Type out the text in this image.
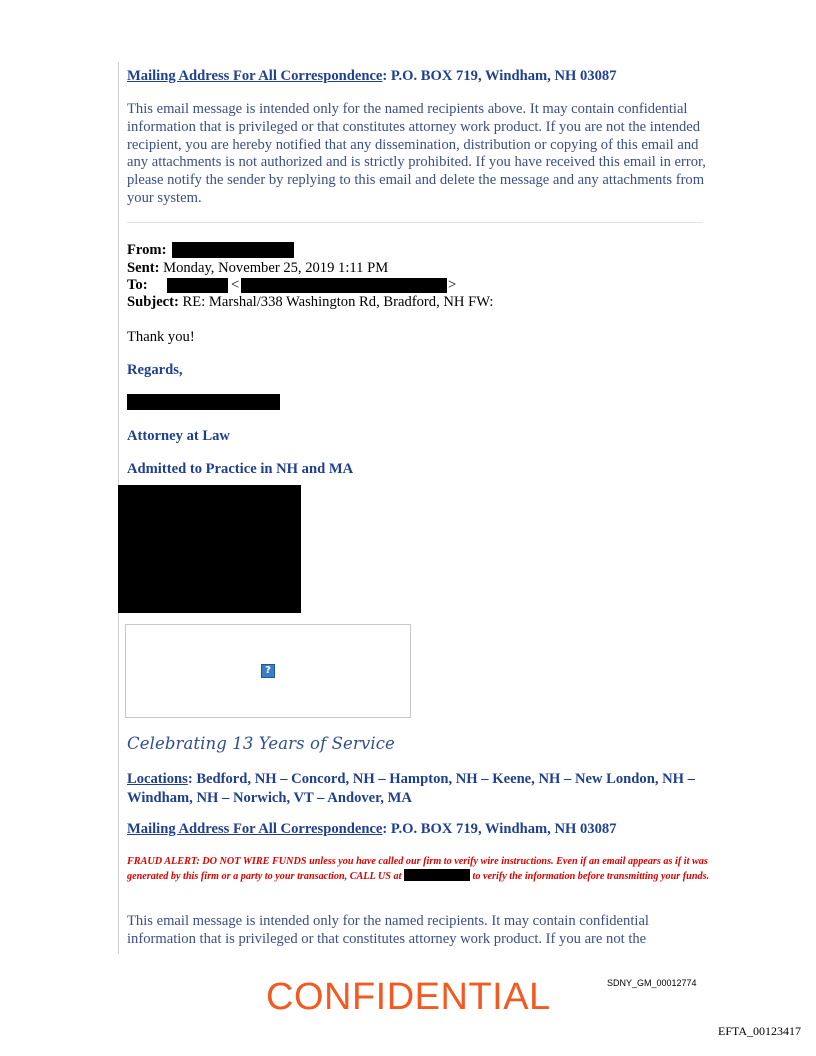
Mailing Address For All Correspondence: P.O. BOX 719, Windham, NH 03087
This email message is intended only for the named recipients above. It may contain confidential information that is privileged or that constitutes attorney work product. If you are not the intended recipient, you are hereby notified that any dissemination, distribution or copying of this email and any attachments is not authorized and is strictly prohibited. If you have received this email in error, please notify the sender by replying to this email and delete the message and any attachments from your system.
From:
Sent: Monday, November 25, 2019 1:11 PM
To:	<	>
Subject: RE: Marshal/338 Washington Rd, Bradford, NH FW:
Thank you!
Regards,
Attorney at Law
Admitted to Practice in NH and MA
?
Celebrating 13 Years of Service
Locations: Bedford, NH – Concord, NH – Hampton, NH – Keene, NH – New London, NH – Windham, NH – Norwich, VT – Andover, MA
Mailing Address For All Correspondence: P.O. BOX 719, Windham, NH 03087
FRAUD ALERT: DO NOT WIRE FUNDS unless you have called our firm to verify wire instructions. Even if an email appears as if it was generated by this firm or a party to your transaction, CALL US at	to verify the information before transmitting your funds.
This email message is intended only for the named recipients. It may contain confidential information that is privileged or that constitutes attorney work product. If you are not the
CONFIDENTIAL	SDNY_GM_00012774
EFTA_00123417
